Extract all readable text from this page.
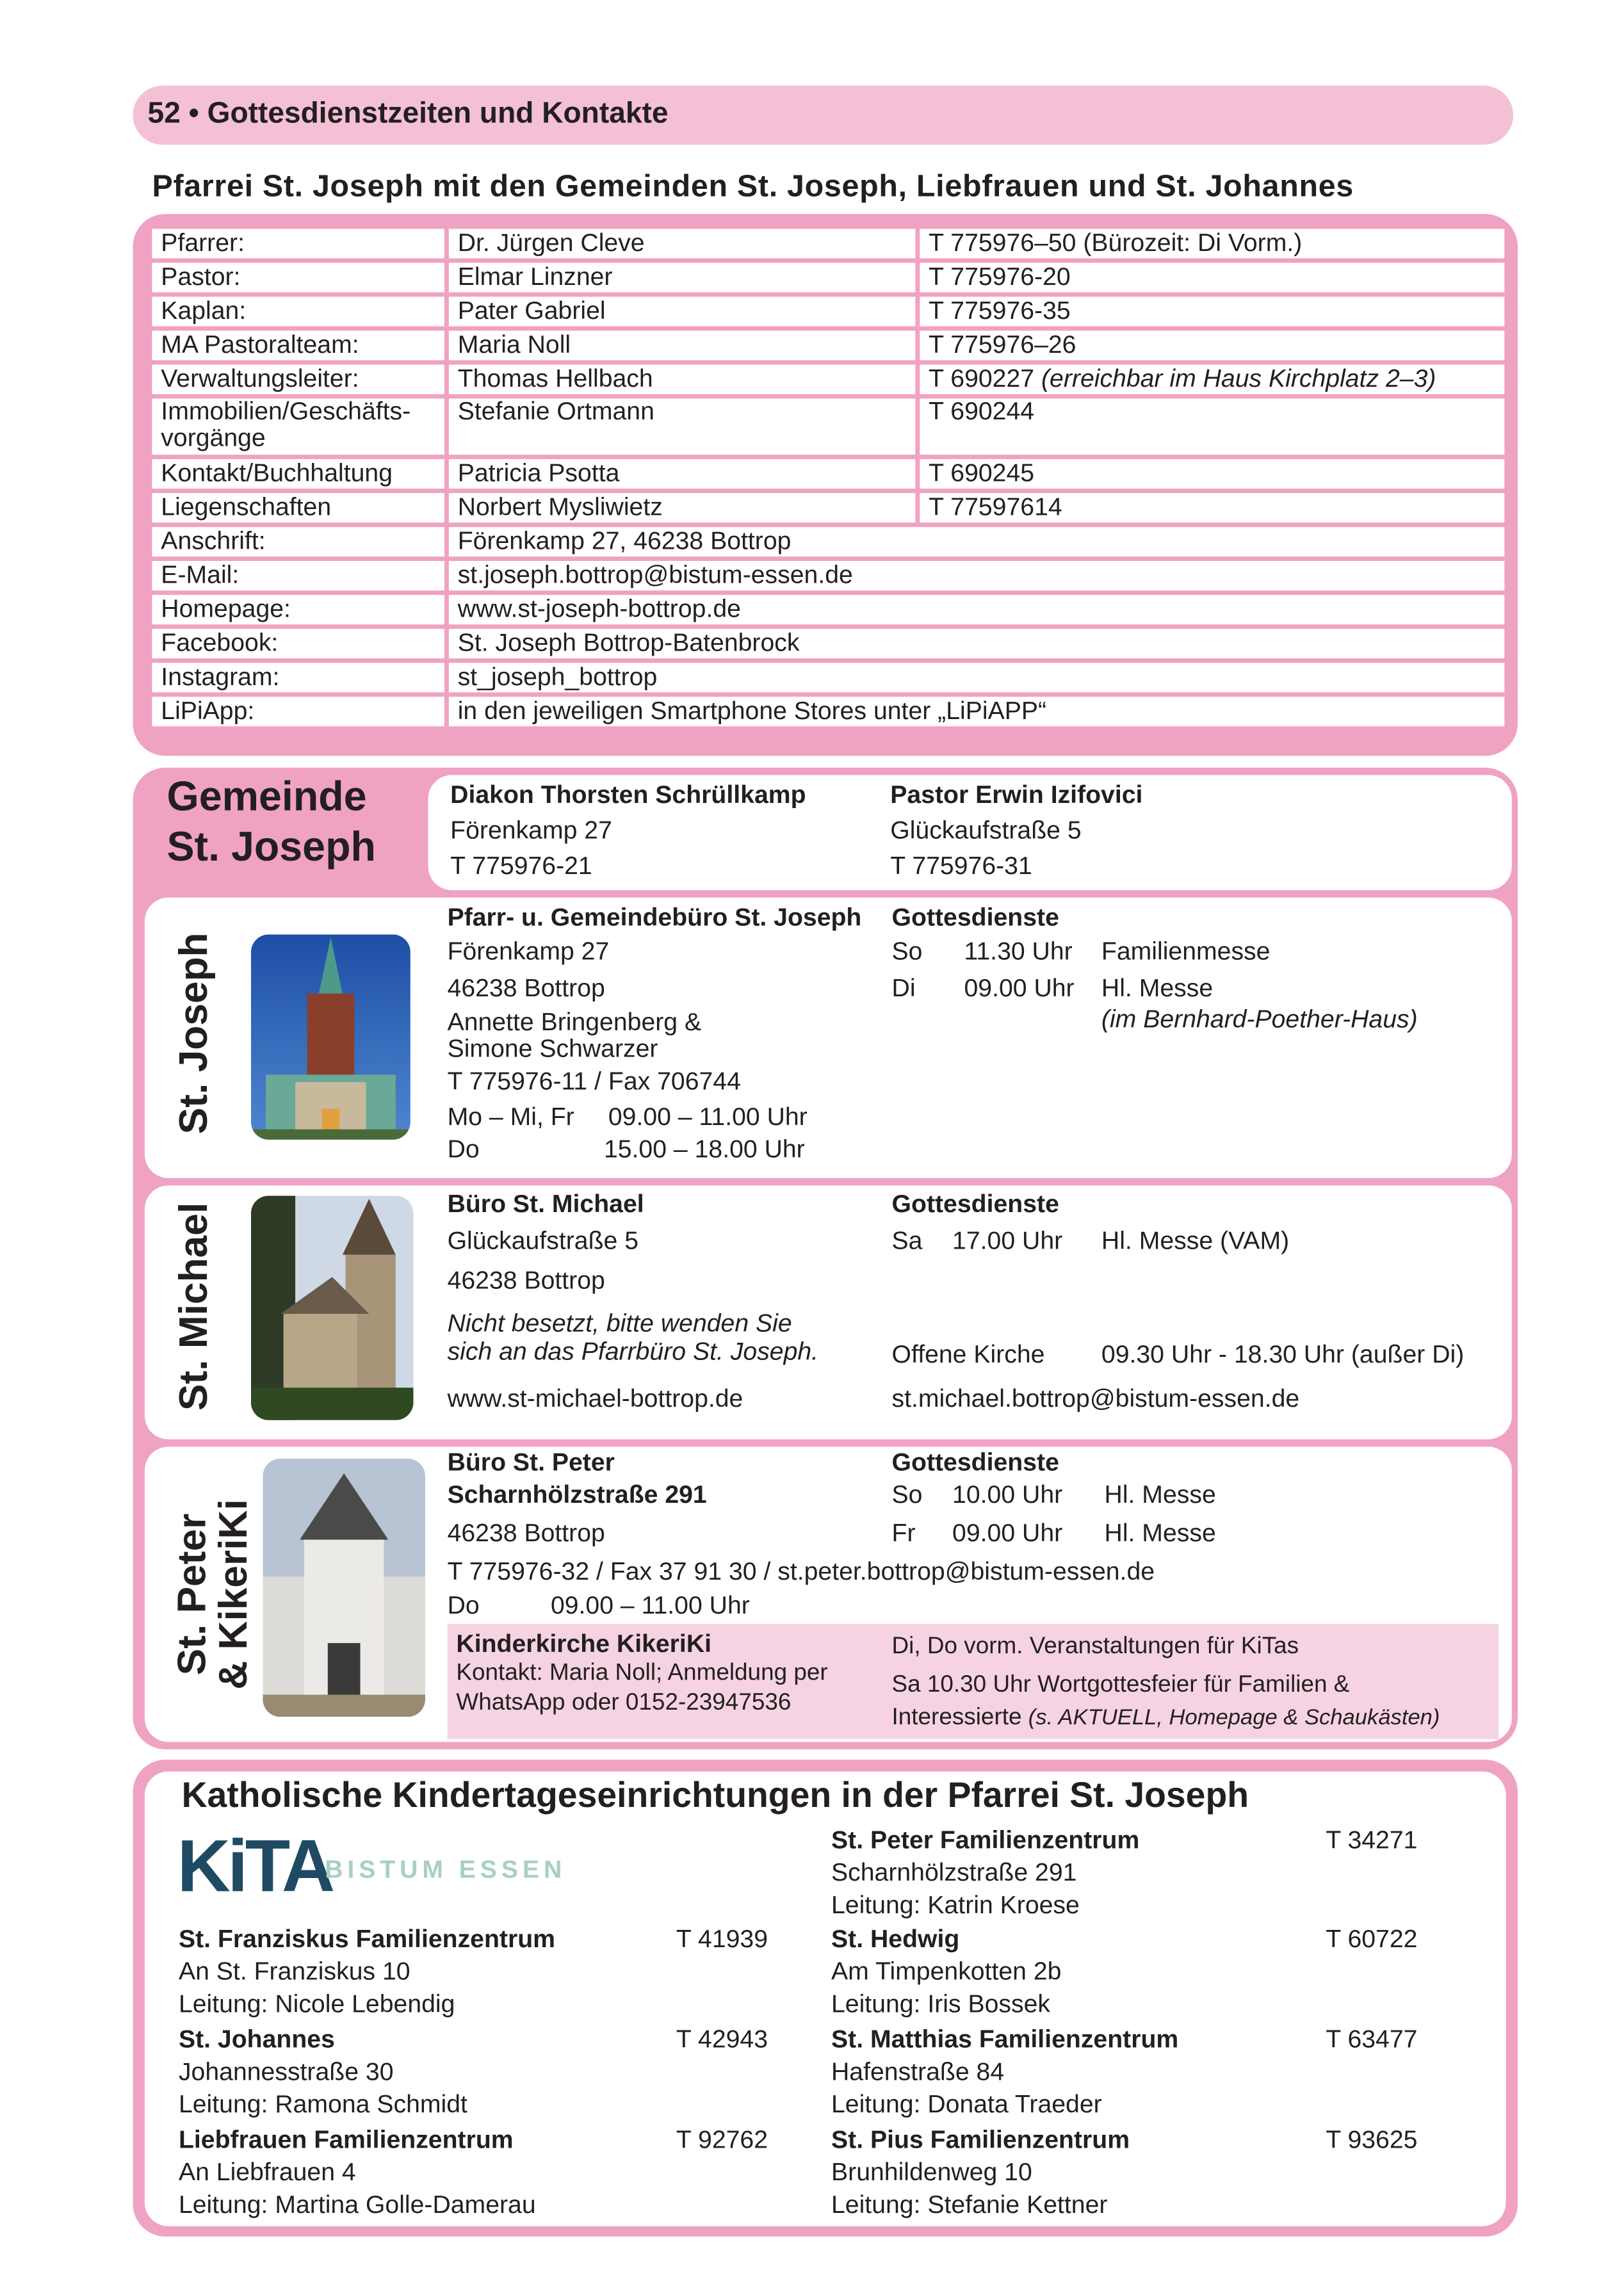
52 • Gottesdienstzeiten und Kontakte
Pfarrei St. Joseph mit den Gemeinden St. Joseph, Liebfrauen und St. Johannes
Pfarrer:	Dr. Jürgen Cleve	T 775976–50 (Bürozeit: Di Vorm.)
Pastor:	Elmar Linzner	T 775976-20
Kaplan:	Pater Gabriel	T 775976-35
MA Pastoralteam:	Maria Noll	T 775976–26
Verwaltungsleiter:	Thomas Hellbach	T 690227 (erreichbar im Haus Kirchplatz 2–3)
Immobilien/Geschäfts-vorgänge	Stefanie Ortmann	T 690244
Kontakt/Buchhaltung	Patricia Psotta	T 690245
Liegenschaften	Norbert Mysliwietz	T 77597614
Anschrift:	Förenkamp 27, 46238 Bottrop	
E-Mail:	st.joseph.bottrop@bistum-essen.de	
Homepage:	www.st-joseph-bottrop.de	
Facebook:	St. Joseph Bottrop-Batenbrock	
Instagram:	st_joseph_bottrop	
LiPiApp:	in den jeweiligen Smartphone Stores unter „LiPiAPP“	
Gemeinde
St. Joseph
Diakon Thorsten Schrüllkamp
Förenkamp 27
T 775976-21
Pastor Erwin Izifovici
Glückaufstraße 5
T 775976-31
St. Joseph
Pfarr- u. Gemeindebüro St. Joseph
Förenkamp 27
46238 Bottrop
Annette Bringenberg &
Simone Schwarzer
T 775976-11 / Fax 706744
Mo – Mi, Fr	09.00 – 11.00 Uhr
Do	15.00 – 18.00 Uhr
Gottesdienste
So	11.30 Uhr	Familienmesse
Di	09.00 Uhr Hl. Messe
(im Bernhard-Poether-Haus)
St. Michael	Büro St. Michael
Glückaufstraße 5
46238 Bottrop
Nicht besetzt, bitte wenden Sie
sich an das Pfarrbüro St. Joseph.
www.st-michael-bottrop.de
Gottesdienste
Sa	17.00 Uhr	Hl. Messe (VAM)
Offene Kirche	09.30 Uhr - 18.30 Uhr (außer Di)
st.michael.bottrop@bistum-essen.de
St. Peter
& KikeriKi
Büro St. Peter
Scharnhölzstraße 291
46238 Bottrop
T 775976-32 / Fax 37 91 30 / st.peter.bottrop@bistum-essen.de
Do	09.00 – 11.00 Uhr
Gottesdienste
So	10.00 Uhr	Hl. Messe
Fr	09.00 Uhr	Hl. Messe
Kinderkirche KikeriKi
Kontakt: Maria Noll; Anmeldung per
WhatsApp oder 0152-23947536
Di, Do vorm. Veranstaltungen für KiTas
Sa 10.30 Uhr Wortgottesfeier für Familien &
Interessierte (s. AKTUELL, Homepage & Schaukästen)
Katholische Kindertageseinrichtungen in der Pfarrei St. Joseph
KiTA
BISTUM ESSEN
St. Franziskus Familienzentrum	T 41939
An St. Franziskus 10
Leitung: Nicole Lebendig
St. Johannes	T 42943
Johannesstraße 30
Leitung: Ramona Schmidt
Liebfrauen Familienzentrum	T 92762
An Liebfrauen 4
Leitung: Martina Golle-Damerau
St. Peter Familienzentrum	T 34271
Scharnhölzstraße 291
Leitung: Katrin Kroese
St. Hedwig	T 60722
Am Timpenkotten 2b
Leitung: Iris Bossek
St. Matthias Familienzentrum	T 63477
Hafenstraße 84
Leitung: Donata Traeder
St. Pius Familienzentrum	T 93625
Brunhildenweg 10
Leitung: Stefanie Kettner
